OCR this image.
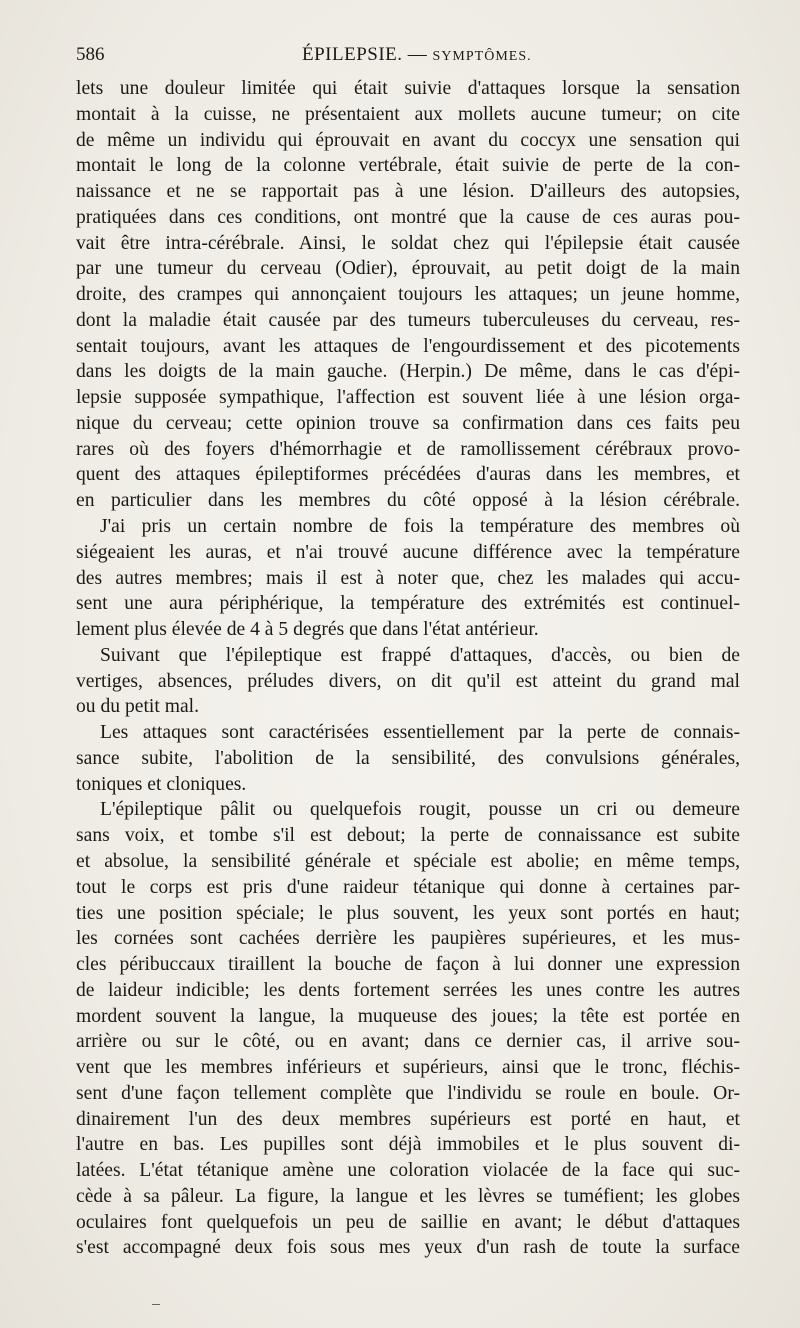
586	ÉPILEPSIE. — SYMPTÔMES.
lets une douleur limitée qui était suivie d'attaques lorsque la sensation
montait à la cuisse, ne présentaient aux mollets aucune tumeur; on cite
de même un individu qui éprouvait en avant du coccyx une sensation qui
montait le long de la colonne vertébrale, était suivie de perte de la con-
naissance et ne se rapportait pas à une lésion. D'ailleurs des autopsies,
pratiquées dans ces conditions, ont montré que la cause de ces auras pou-
vait être intra-cérébrale. Ainsi, le soldat chez qui l'épilepsie était causée
par une tumeur du cerveau (Odier), éprouvait, au petit doigt de la main
droite, des crampes qui annonçaient toujours les attaques; un jeune homme,
dont la maladie était causée par des tumeurs tuberculeuses du cerveau, res-
sentait toujours, avant les attaques de l'engourdissement et des picotements
dans les doigts de la main gauche. (Herpin.) De même, dans le cas d'épi-
lepsie supposée sympathique, l'affection est souvent liée à une lésion orga-
nique du cerveau; cette opinion trouve sa confirmation dans ces faits peu
rares où des foyers d'hémorrhagie et de ramollissement cérébraux provo-
quent des attaques épileptiformes précédées d'auras dans les membres, et
en particulier dans les membres du côté opposé à la lésion cérébrale.
J'ai pris un certain nombre de fois la température des membres où
siégeaient les auras, et n'ai trouvé aucune différence avec la température
des autres membres; mais il est à noter que, chez les malades qui accu-
sent une aura périphérique, la température des extrémités est continuel-
lement plus élevée de 4 à 5 degrés que dans l'état antérieur.
Suivant que l'épileptique est frappé d'attaques, d'accès, ou bien de
vertiges, absences, préludes divers, on dit qu'il est atteint du grand mal
ou du petit mal.
Les attaques sont caractérisées essentiellement par la perte de connais-
sance subite, l'abolition de la sensibilité, des convulsions générales,
toniques et cloniques.
L'épileptique pâlit ou quelquefois rougit, pousse un cri ou demeure
sans voix, et tombe s'il est debout; la perte de connaissance est subite
et absolue, la sensibilité générale et spéciale est abolie; en même temps,
tout le corps est pris d'une raideur tétanique qui donne à certaines par-
ties une position spéciale; le plus souvent, les yeux sont portés en haut;
les cornées sont cachées derrière les paupières supérieures, et les mus-
cles péribuccaux tiraillent la bouche de façon à lui donner une expression
de laideur indicible; les dents fortement serrées les unes contre les autres
mordent souvent la langue, la muqueuse des joues; la tête est portée en
arrière ou sur le côté, ou en avant; dans ce dernier cas, il arrive sou-
vent que les membres inférieurs et supérieurs, ainsi que le tronc, fléchis-
sent d'une façon tellement complète que l'individu se roule en boule. Or-
dinairement l'un des deux membres supérieurs est porté en haut, et
l'autre en bas. Les pupilles sont déjà immobiles et le plus souvent di-
latées. L'état tétanique amène une coloration violacée de la face qui suc-
cède à sa pâleur. La figure, la langue et les lèvres se tuméfient; les globes
oculaires font quelquefois un peu de saillie en avant; le début d'attaques
s'est accompagné deux fois sous mes yeux d'un rash de toute la surface
